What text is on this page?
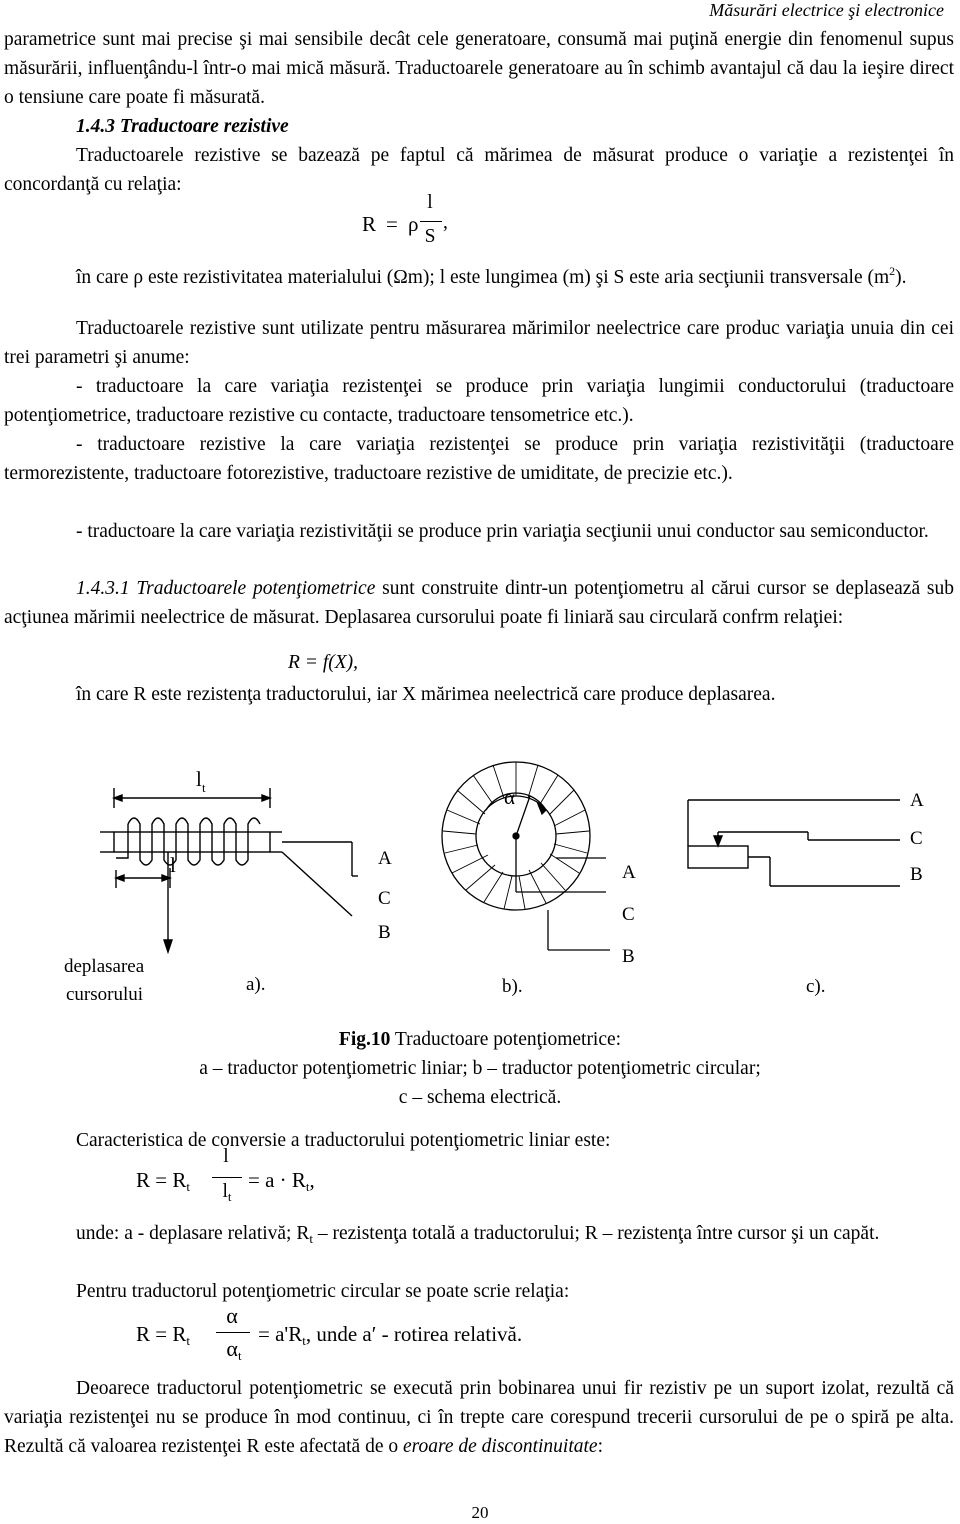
Măsurări electrice şi electronice

parametrice sunt mai precise şi mai sensibile decât cele generatoare, consumă mai puţină energie din fenomenul supus măsurării, influenţându-l într-o mai mică măsură. Traductoarele generatoare au în schimb avantajul că dau la ieşire direct o tensiune care poate fi măsurată.

1.4.3 Traductoare rezistive

Traductoarele rezistive se bazează pe faptul că mărimea de măsurat produce o variaţie a rezistenţei în concordanţă cu relaţia:

R = ρ
l
S
,

în care ρ este rezistivitatea materialului (Ωm); l este lungimea (m) şi S este aria secţiunii transversale $(m^2)$.

Traductoarele rezistive sunt utilizate pentru măsurarea mărimilor neelectrice care produc variaţia unuia din cei trei parametri şi anume:

- traductoare la care variaţia rezistenţei se produce prin variaţia lungimii conductorului (traductoare potenţiometrice, traductoare rezistive cu contacte, traductoare tensometrice etc.).

- traductoare rezistive la care variaţia rezistenţei se produce prin variaţia rezistivităţii (traductoare termorezistente, traductoare fotorezistive, traductoare rezistive de umiditate, de precizie etc.).

- traductoare la care variaţia rezistivităţii se produce prin variaţia secţiunii unui conductor sau semiconductor.

1.4.3.1 Traductoarele potenţiometrice sunt construite dintr-un potenţiometru al cărui cursor se deplasează sub acţiunea mărimii neelectrice de măsurat. Deplasarea cursorului poate fi liniară sau circulară confrm relaţiei:

R = f(X),

în care R este rezistenţa traductorului, iar X mărimea neelectrică care produce deplasarea.

l t
l
deplasarea
cursorului	a).
A
C
B
α
A
C
B
b).
A
C
B
c).
Fig.10 Traductoare potenţiometrice:
a – traductor potenţiometric liniar; b – traductor potenţiometric circular;
c – schema electrică.

Caracteristica de conversie a traductorului potenţiometric liniar este:

$R = R_t$
l
$l_t$
= $a \cdot R_t$,

unde: a - deplasare relativă; $R_t$ – rezistenţa totală a traductorului; R – rezistenţa între cursor şi un capăt.

Pentru traductorul potenţiometric circular se poate scrie relaţia:

$R = R_t$
α
$\alpha_t$
= $a'R_t$, unde a′ - rotirea relativă.

Deoarece traductorul potenţiometric se execută prin bobinarea unui fir rezistiv pe un suport izolat, rezultă că variaţia rezistenţei nu se produce în mod continuu, ci în trepte care corespund trecerii cursorului de pe o spiră pe alta. Rezultă că valoarea rezistenţei R este afectată de o eroare de discontinuitate:

20
